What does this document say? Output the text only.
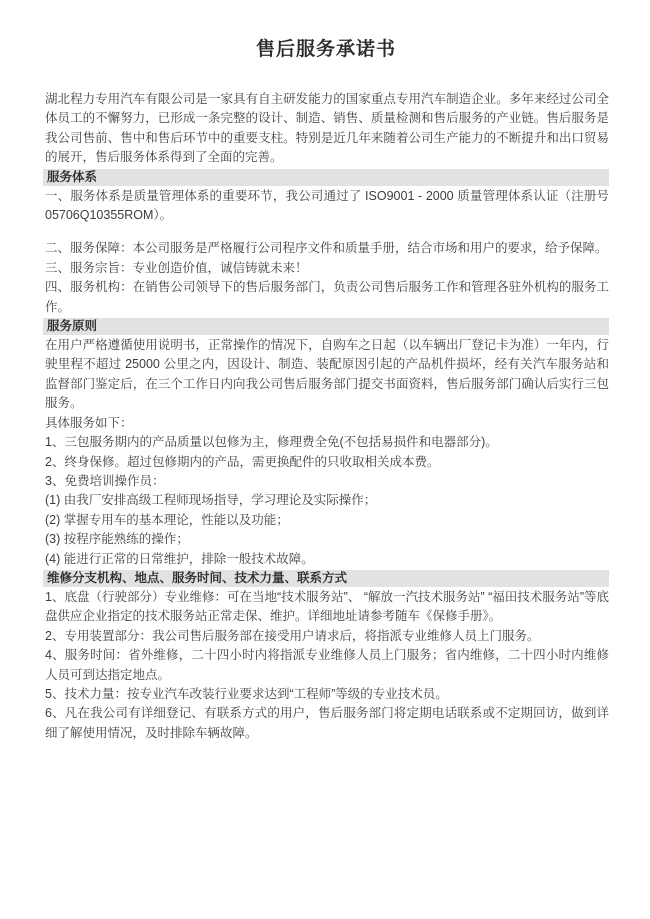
售后服务承诺书

湖北程力专用汽车有限公司是一家具有自主研发能力的国家重点专用汽车制造企业。多年来经过公司全体员工的不懈努力，已形成一条完整的设计、制造、销售、质量检测和售后服务的产业链。售后服务是我公司售前、售中和售后环节中的重要支柱。特别是近几年来随着公司生产能力的不断提升和出口贸易的展开，售后服务体系得到了全面的完善。

服务体系

一、服务体系是质量管理体系的重要环节，我公司通过了 ISO9001 - 2000 质量管理体系认证（注册号 05706Q10355ROM）。

二、服务保障：本公司服务是严格履行公司程序文件和质量手册，结合市场和用户的要求，给予保障。

三、服务宗旨：专业创造价值，诚信铸就未来！

四、服务机构：在销售公司领导下的售后服务部门，负责公司售后服务工作和管理各驻外机构的服务工作。

服务原则

在用户严格遵循使用说明书，正常操作的情况下，自购车之日起（以车辆出厂登记卡为准）一年内，行驶里程不超过 25000 公里之内，因设计、制造、装配原因引起的产品机件损坏，经有关汽车服务站和监督部门鉴定后，在三个工作日内向我公司售后服务部门提交书面资料，售后服务部门确认后实行三包服务。

具体服务如下：

1、三包服务期内的产品质量以包修为主，修理费全免(不包括易损件和电器部分)。

2、终身保修。超过包修期内的产品，需更换配件的只收取相关成本费。

3、免费培训操作员：

(1) 由我厂安排高级工程师现场指导，学习理论及实际操作；

(2) 掌握专用车的基本理论，性能以及功能；

(3) 按程序能熟练的操作；

(4) 能进行正常的日常维护，排除一般技术故障。

维修分支机构、地点、服务时间、技术力量、联系方式

1、底盘（行驶部分）专业维修：可在当地“技术服务站”、 “解放一汽技术服务站” “福田技术服务站”等底盘供应企业指定的技术服务站正常走保、维护。详细地址请参考随车《保修手册》。

2、专用装置部分：我公司售后服务部在接受用户请求后，将指派专业维修人员上门服务。

4、服务时间：省外维修，二十四小时内将指派专业维修人员上门服务；省内维修，二十四小时内维修人员可到达指定地点。

5、技术力量：按专业汽车改装行业要求达到“工程师”等级的专业技术员。

6、凡在我公司有详细登记、有联系方式的用户，售后服务部门将定期电话联系或不定期回访，做到详细了解使用情况，及时排除车辆故障。
